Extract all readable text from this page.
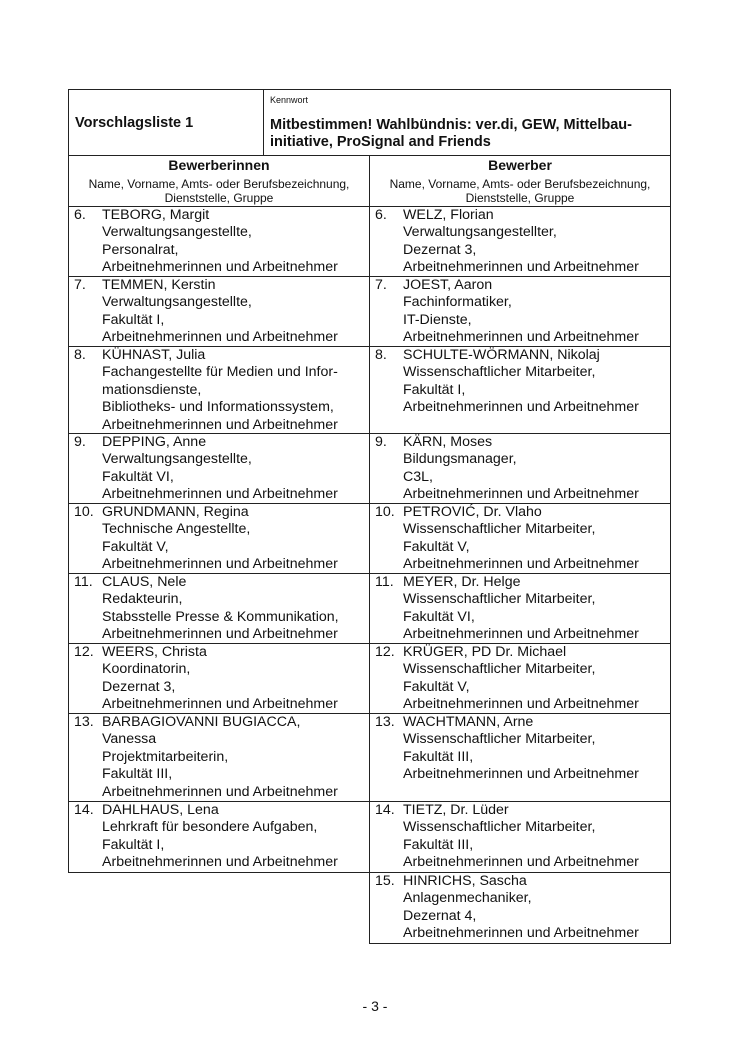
Vorschlagsliste 1
Kennwort
Mitbestimmen! Wahlbündnis: ver.di, GEW, Mittelbau-
initiative, ProSignal and Friends
Bewerberinnen
Name, Vorname, Amts- oder Berufsbezeichnung,
Dienststelle, Gruppe
Bewerber
Name, Vorname, Amts- oder Berufsbezeichnung,
Dienststelle, Gruppe
6. TEBORG, Margit
Verwaltungsangestellte,
Personalrat,
Arbeitnehmerinnen und Arbeitnehmer
7. TEMMEN, Kerstin
Verwaltungsangestellte,
Fakultät I,
Arbeitnehmerinnen und Arbeitnehmer
8. KÜHNAST, Julia
Fachangestellte für Medien und Infor-
mationsdienste,
Bibliotheks- und Informationssystem,
Arbeitnehmerinnen und Arbeitnehmer
9. DEPPING, Anne
Verwaltungsangestellte,
Fakultät VI,
Arbeitnehmerinnen und Arbeitnehmer
10. GRUNDMANN, Regina
Technische Angestellte,
Fakultät V,
Arbeitnehmerinnen und Arbeitnehmer
11. CLAUS, Nele
Redakteurin,
Stabsstelle Presse & Kommunikation,
Arbeitnehmerinnen und Arbeitnehmer
12. WEERS, Christa
Koordinatorin,
Dezernat 3,
Arbeitnehmerinnen und Arbeitnehmer
13. BARBAGIOVANNI BUGIACCA,
Vanessa
Projektmitarbeiterin,
Fakultät III,
Arbeitnehmerinnen und Arbeitnehmer
14. DAHLHAUS, Lena
Lehrkraft für besondere Aufgaben,
Fakultät I,
Arbeitnehmerinnen und Arbeitnehmer
6. WELZ, Florian
Verwaltungsangestellter,
Dezernat 3,
Arbeitnehmerinnen und Arbeitnehmer
7. JOEST, Aaron
Fachinformatiker,
IT-Dienste,
Arbeitnehmerinnen und Arbeitnehmer
8. SCHULTE-WÖRMANN, Nikolaj
Wissenschaftlicher Mitarbeiter,
Fakultät I,
Arbeitnehmerinnen und Arbeitnehmer
9. KÄRN, Moses
Bildungsmanager,
C3L,
Arbeitnehmerinnen und Arbeitnehmer
10. PETROVIĆ, Dr. Vlaho
Wissenschaftlicher Mitarbeiter,
Fakultät V,
Arbeitnehmerinnen und Arbeitnehmer
11. MEYER, Dr. Helge
Wissenschaftlicher Mitarbeiter,
Fakultät VI,
Arbeitnehmerinnen und Arbeitnehmer
12. KRÜGER, PD Dr. Michael
Wissenschaftlicher Mitarbeiter,
Fakultät V,
Arbeitnehmerinnen und Arbeitnehmer
13. WACHTMANN, Arne
Wissenschaftlicher Mitarbeiter,
Fakultät III,
Arbeitnehmerinnen und Arbeitnehmer
14. TIETZ, Dr. Lüder
Wissenschaftlicher Mitarbeiter,
Fakultät III,
Arbeitnehmerinnen und Arbeitnehmer
15. HINRICHS, Sascha
Anlagenmechaniker,
Dezernat 4,
Arbeitnehmerinnen und Arbeitnehmer
- 3 -
